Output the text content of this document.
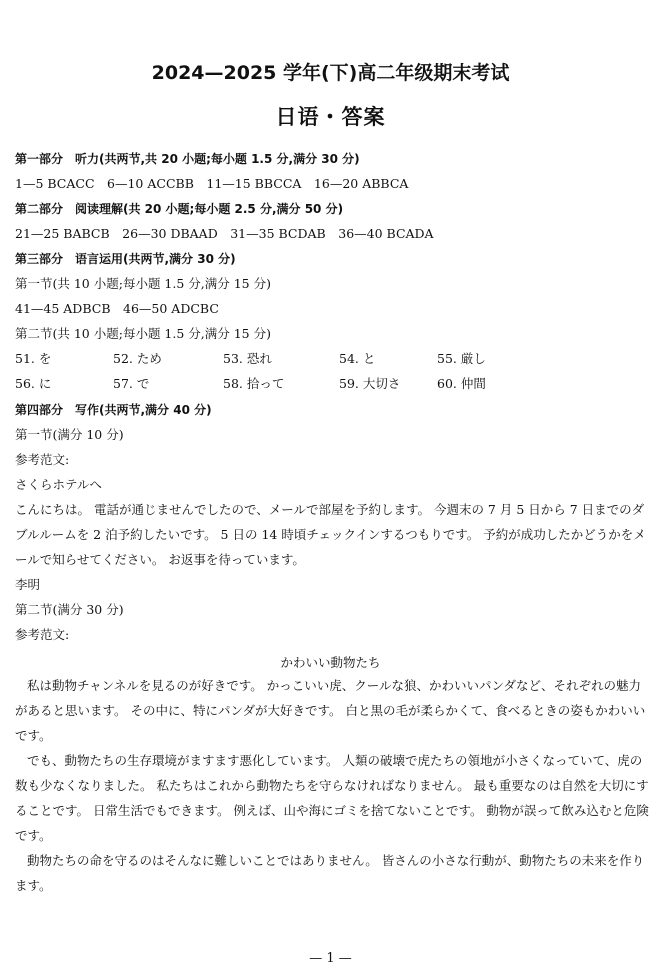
2024—2025 学年(下)高二年级期末考试
日语・答案
第一部分　听力(共两节,共 20 小题;每小题 1.5 分,满分 30 分)
1—5 BCACC　6—10 ACCBB　11—15 BBCCA　16—20 ABBCA
第二部分　阅读理解(共 20 小题;每小题 2.5 分,满分 50 分)
21—25 BABCB　26—30 DBAAD　31—35 BCDAB　36—40 BCADA
第三部分　语言运用(共两节,满分 30 分)
第一节(共 10 小题;每小题 1.5 分,满分 15 分)
41—45 ADBCB　46—50 ADCBC
第二节(共 10 小题;每小题 1.5 分,满分 15 分)
51. を	52. ため	53. 恐れ	54. と	55. 厳し
56. に	57. で	58. 拾って	59. 大切さ	60. 仲間
第四部分　写作(共两节,满分 40 分)
第一节(满分 10 分)
参考范文:
さくらホテルへ
こんにちは。 電話が通じませんでしたので、メールで部屋を予約します。 今週末の 7 月 5 日から 7 日までのダブルルームを 2 泊予約したいです。 5 日の 14 時頃チェックインするつもりです。 予約が成功したかどうかをメールで知らせてください。 お返事を待っています。
李明
第二节(满分 30 分)
参考范文:
かわいい動物たち
私は動物チャンネルを見るのが好きです。 かっこいい虎、クールな狼、かわいいパンダなど、それぞれの魅力があると思います。 その中に、特にパンダが大好きです。 白と黒の毛が柔らかくて、食べるときの姿もかわいいです。
でも、動物たちの生存環境がますます悪化しています。 人類の破壊で虎たちの領地が小さくなっていて、虎の数も少なくなりました。 私たちはこれから動物たちを守らなければなりません。 最も重要なのは自然を大切にすることです。 日常生活でもできます。 例えば、山や海にゴミを捨てないことです。 動物が誤って飲み込むと危険です。
動物たちの命を守るのはそんなに難しいことではありません。 皆さんの小さな行動が、動物たちの未来を作ります。
— 1 —
